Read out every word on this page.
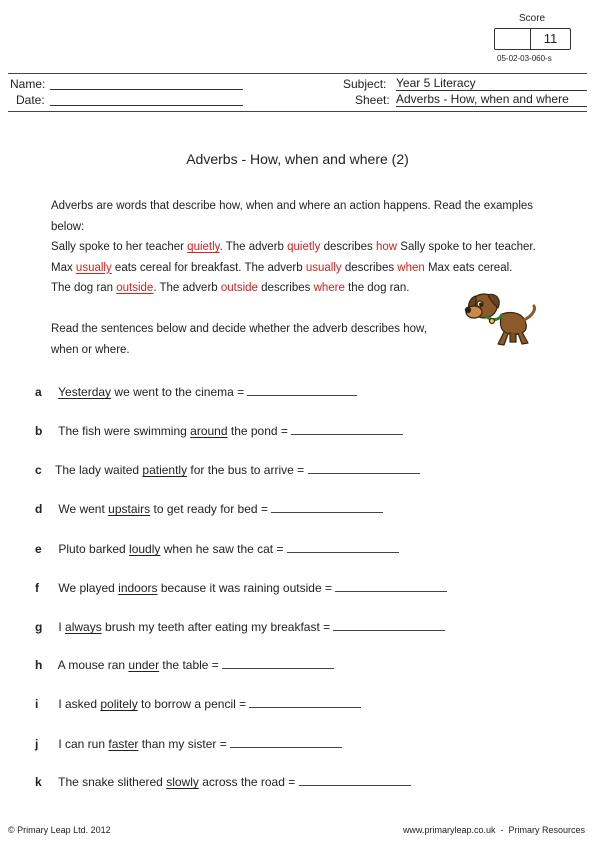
Score
11
05-02-03-060-s
Name:
Date:
Subject: Year 5 Literacy
Sheet: Adverbs - How, when and where
Adverbs - How, when and where (2)
Adverbs are words that describe how, when and where an action happens. Read the examples below:
Sally spoke to her teacher quietly. The adverb quietly describes how Sally spoke to her teacher.
Max usually eats cereal for breakfast. The adverb usually describes when Max eats cereal.
The dog ran outside. The adverb outside describes where the dog ran.
Read the sentences below and decide whether the adverb describes how, when or where.
a Yesterday we went to the cinema =
b The fish were swimming around the pond =
c The lady waited patiently for the bus to arrive =
d We went upstairs to get ready for bed =
e Pluto barked loudly when he saw the cat =
f We played indoors because it was raining outside =
g I always brush my teeth after eating my breakfast =
h A mouse ran under the table =
i I asked politely to borrow a pencil =
j I can run faster than my sister =
k The snake slithered slowly across the road =
© Primary Leap Ltd. 2012	www.primaryleap.co.uk  -  Primary Resources
